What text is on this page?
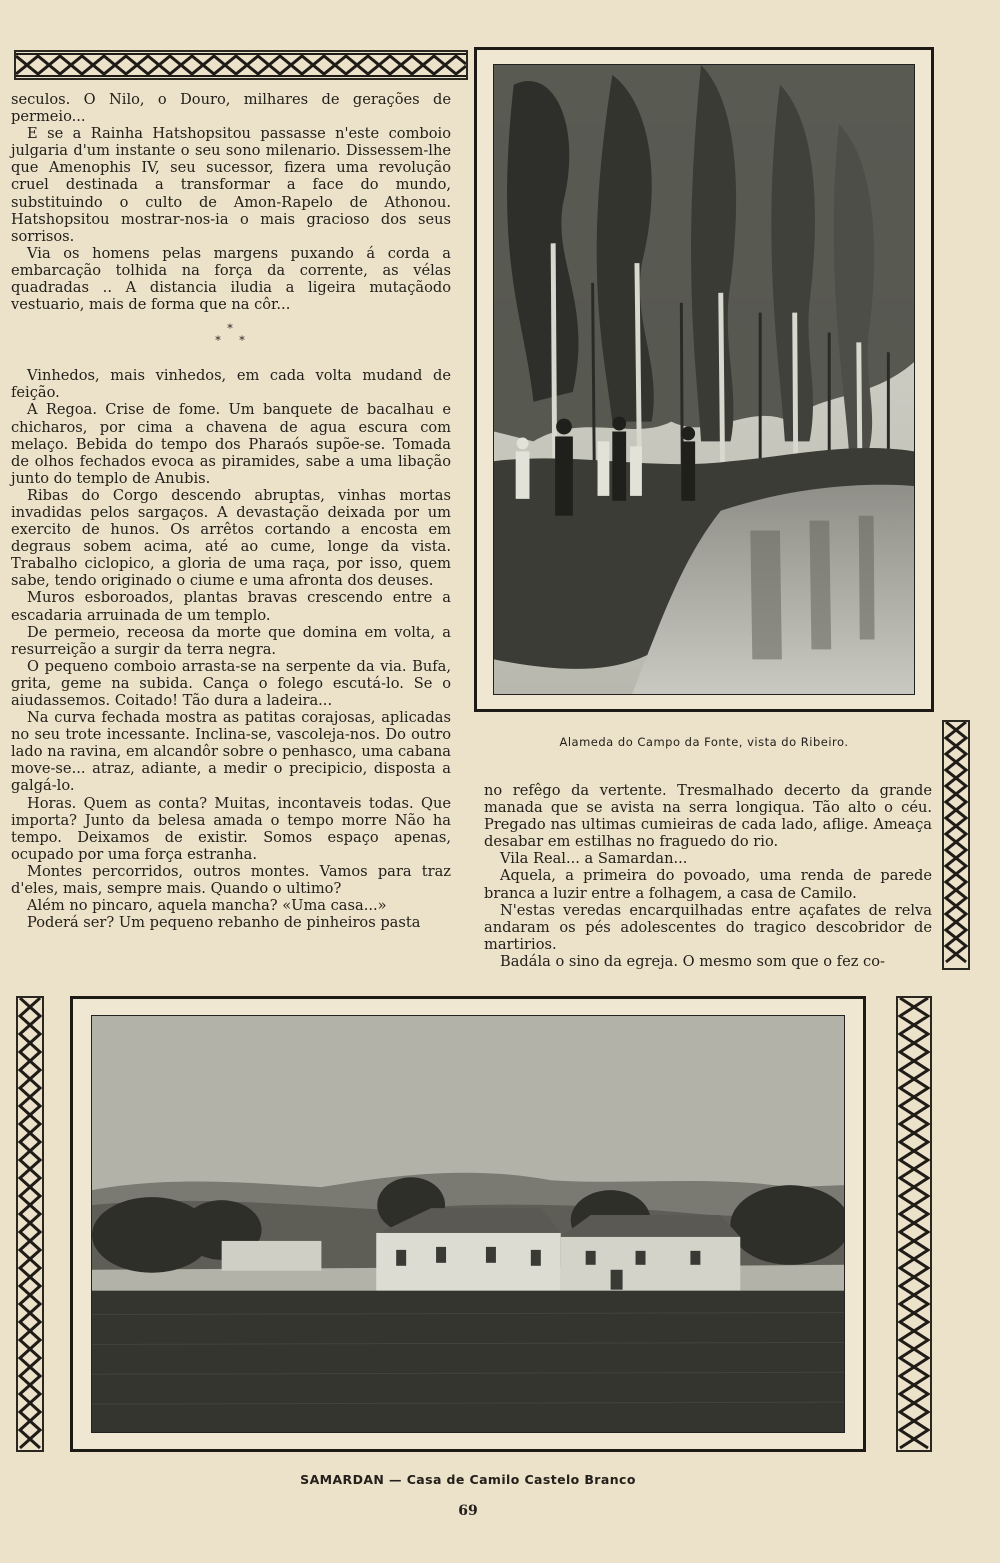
seculos. O Nilo, o Douro, milhares de gerações de permeio...

E se a Rainha Hatshopsitou passasse n'este comboio julgaria d'um instante o seu sono milenario. Dissessem-lhe que Amenophis IV, seu sucessor, fizera uma revolução cruel destinada a transformar a face do mundo, substituindo o culto de Amon-Rapelo de Athonou. Hatshopsitou mostrar-nos-ia o mais gracioso dos seus sorrisos.

Via os homens pelas margens puxando á corda a embarcação tolhida na força da corrente, as vélas quadradas .. A distancia iludia a ligeira mutaçãodo vestuario, mais de forma que na côr...

*
*   *

Vinhedos, mais vinhedos, em cada volta mudand de feição.

A Regoa. Crise de fome. Um banquete de bacalhau e chicharos, por cima a chavena de agua escura com melaço. Bebida do tempo dos Pharaós supõe-se. Tomada de olhos fechados evoca as piramides, sabe a uma libação junto do templo de Anubis.

Ribas do Corgo descendo abruptas, vinhas mortas invadidas pelos sargaços. A devastação deixada por um exercito de hunos. Os arrêtos cortando a encosta em degraus sobem acima, até ao cume, longe da vista. Trabalho ciclopico, a gloria de uma raça, por isso, quem sabe, tendo originado o ciume e uma afronta dos deuses.

Muros esboroados, plantas bravas crescendo entre a escadaria arruinada de um templo.

De permeio, receosa da morte que domina em volta, a resurreição a surgir da terra negra.

O pequeno comboio arrasta-se na serpente da via. Bufa, grita, geme na subida. Cança o folego escutá-lo. Se o aiudassemos. Coitado! Tão dura a ladeira...

Na curva fechada mostra as patitas corajosas, aplicadas no seu trote incessante. Inclina-se, vascoleja-nos. Do outro lado na ravina, em alcandôr sobre o penhasco, uma cabana move-se... atraz, adiante, a medir o precipicio, disposta a galgá-lo.

Horas. Quem as conta? Muitas, incontaveis todas. Que importa? Junto da belesa amada o tempo morre Não ha tempo. Deixamos de existir. Somos espaço apenas, ocupado por uma força estranha.

Montes percorridos, outros montes. Vamos para traz d'eles, mais, sempre mais. Quando o ultimo?

Além no pincaro, aquela mancha? «Uma casa...»

Poderá ser? Um pequeno rebanho de pinheiros pasta

Alameda do Campo da Fonte, vista do Ribeiro.

no refêgo da vertente. Tresmalhado decerto da grande manada que se avista na serra longiqua. Tão alto o céu. Pregado nas ultimas cumieiras de cada lado, aflige. Ameaça desabar em estilhas no fraguedo do rio.

Vila Real... a Samardan...

Aquela, a primeira do povoado, uma renda de parede branca a luzir entre a folhagem, a casa de Camilo.

N'estas veredas encarquilhadas entre açafates de relva andaram os pés adolescentes do tragico descobridor de martirios.

Badála o sino da egreja. O mesmo som que o fez co-

SAMARDAN — Casa de Camilo Castelo Branco
69
